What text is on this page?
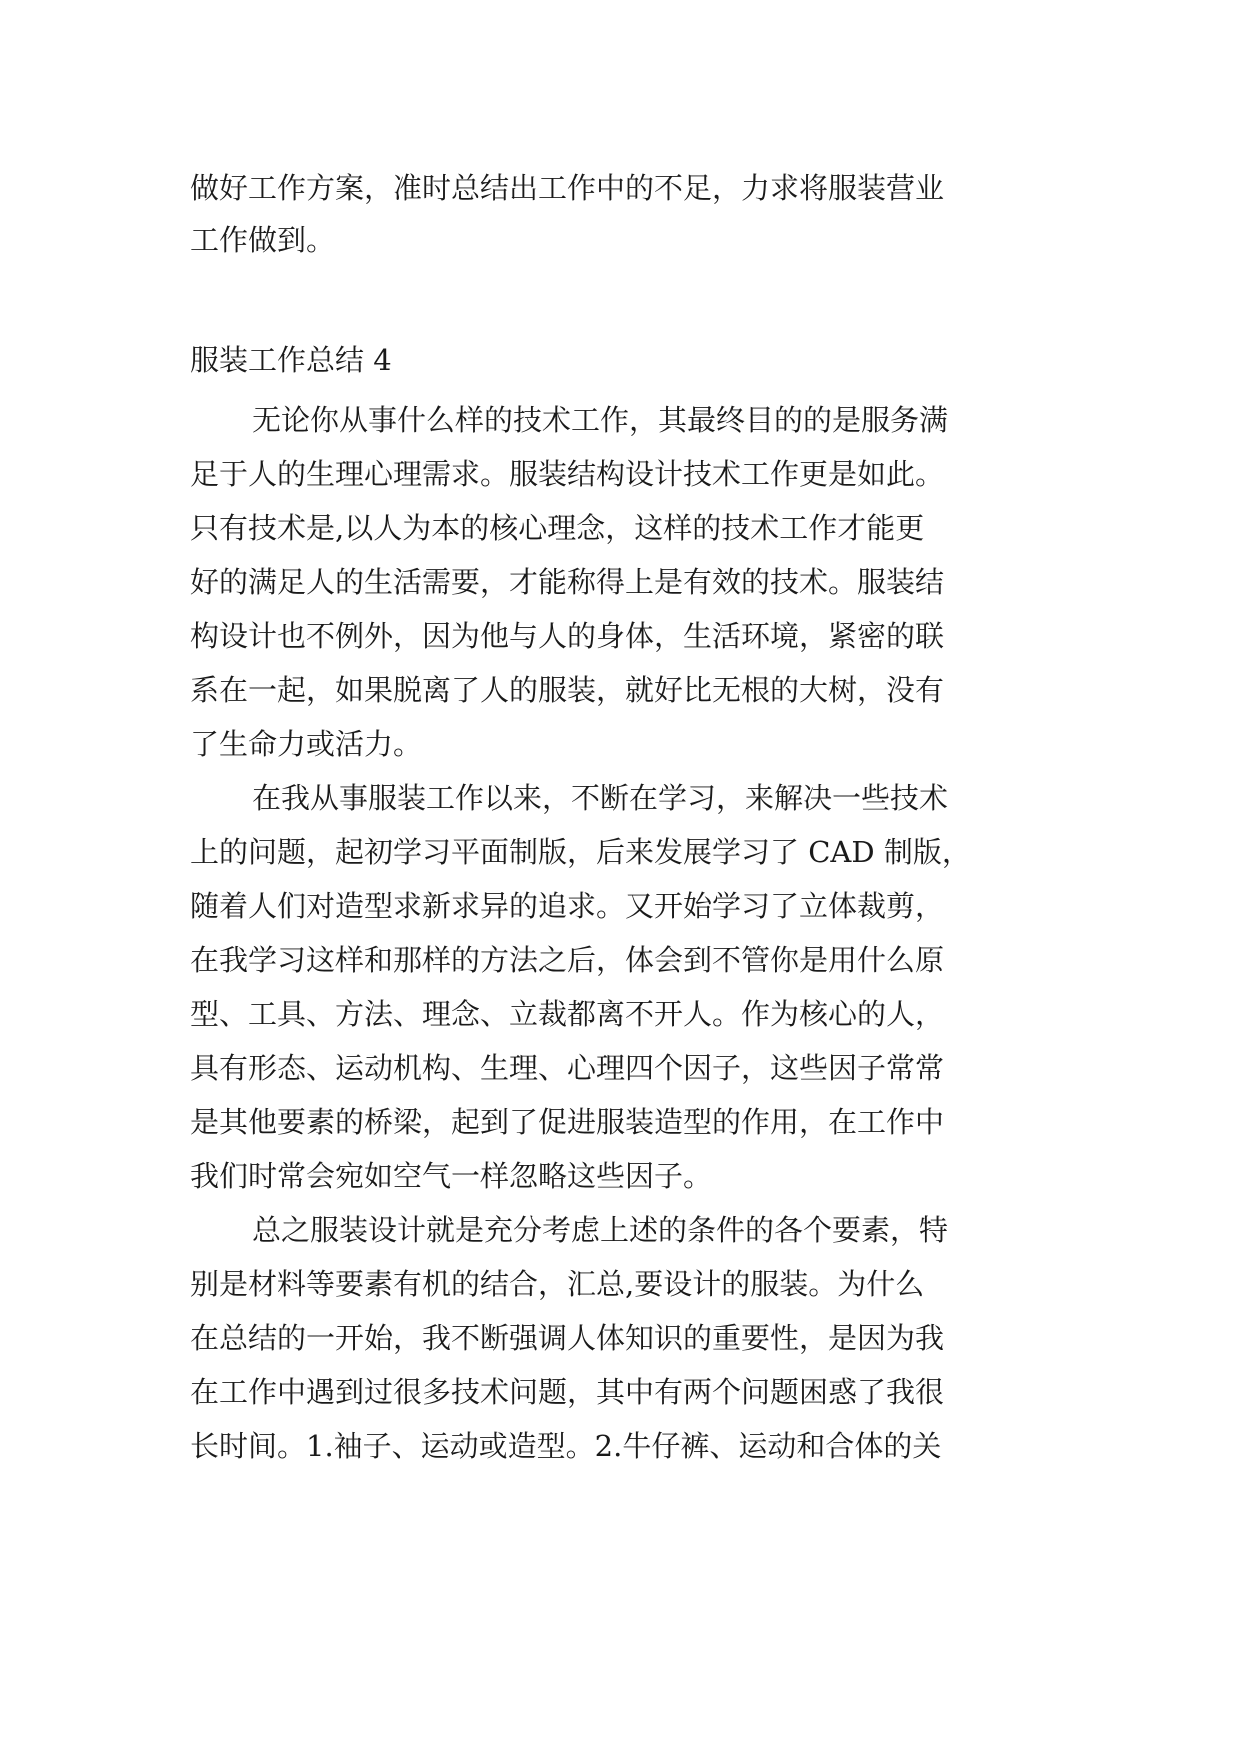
做好工作方案，准时总结出工作中的不足，力求将服装营业
工作做到。
服装工作总结 4
无论你从事什么样的技术工作，其最终目的的是服务满
足于人的生理心理需求。服装结构设计技术工作更是如此。
只有技术是,以人为本的核心理念，这样的技术工作才能更
好的满足人的生活需要，才能称得上是有效的技术。服装结
构设计也不例外，因为他与人的身体，生活环境，紧密的联
系在一起，如果脱离了人的服装，就好比无根的大树，没有
了生命力或活力。
在我从事服装工作以来，不断在学习，来解决一些技术
上的问题，起初学习平面制版，后来发展学习了 CAD 制版，
随着人们对造型求新求异的追求。又开始学习了立体裁剪，
在我学习这样和那样的方法之后，体会到不管你是用什么原
型、工具、方法、理念、立裁都离不开人。作为核心的人，
具有形态、运动机构、生理、心理四个因子，这些因子常常
是其他要素的桥梁，起到了促进服装造型的作用，在工作中
我们时常会宛如空气一样忽略这些因子。
总之服装设计就是充分考虑上述的条件的各个要素，特
别是材料等要素有机的结合，汇总,要设计的服装。为什么
在总结的一开始，我不断强调人体知识的重要性，是因为我
在工作中遇到过很多技术问题，其中有两个问题困惑了我很
长时间。1.袖子、运动或造型。2.牛仔裤、运动和合体的关
